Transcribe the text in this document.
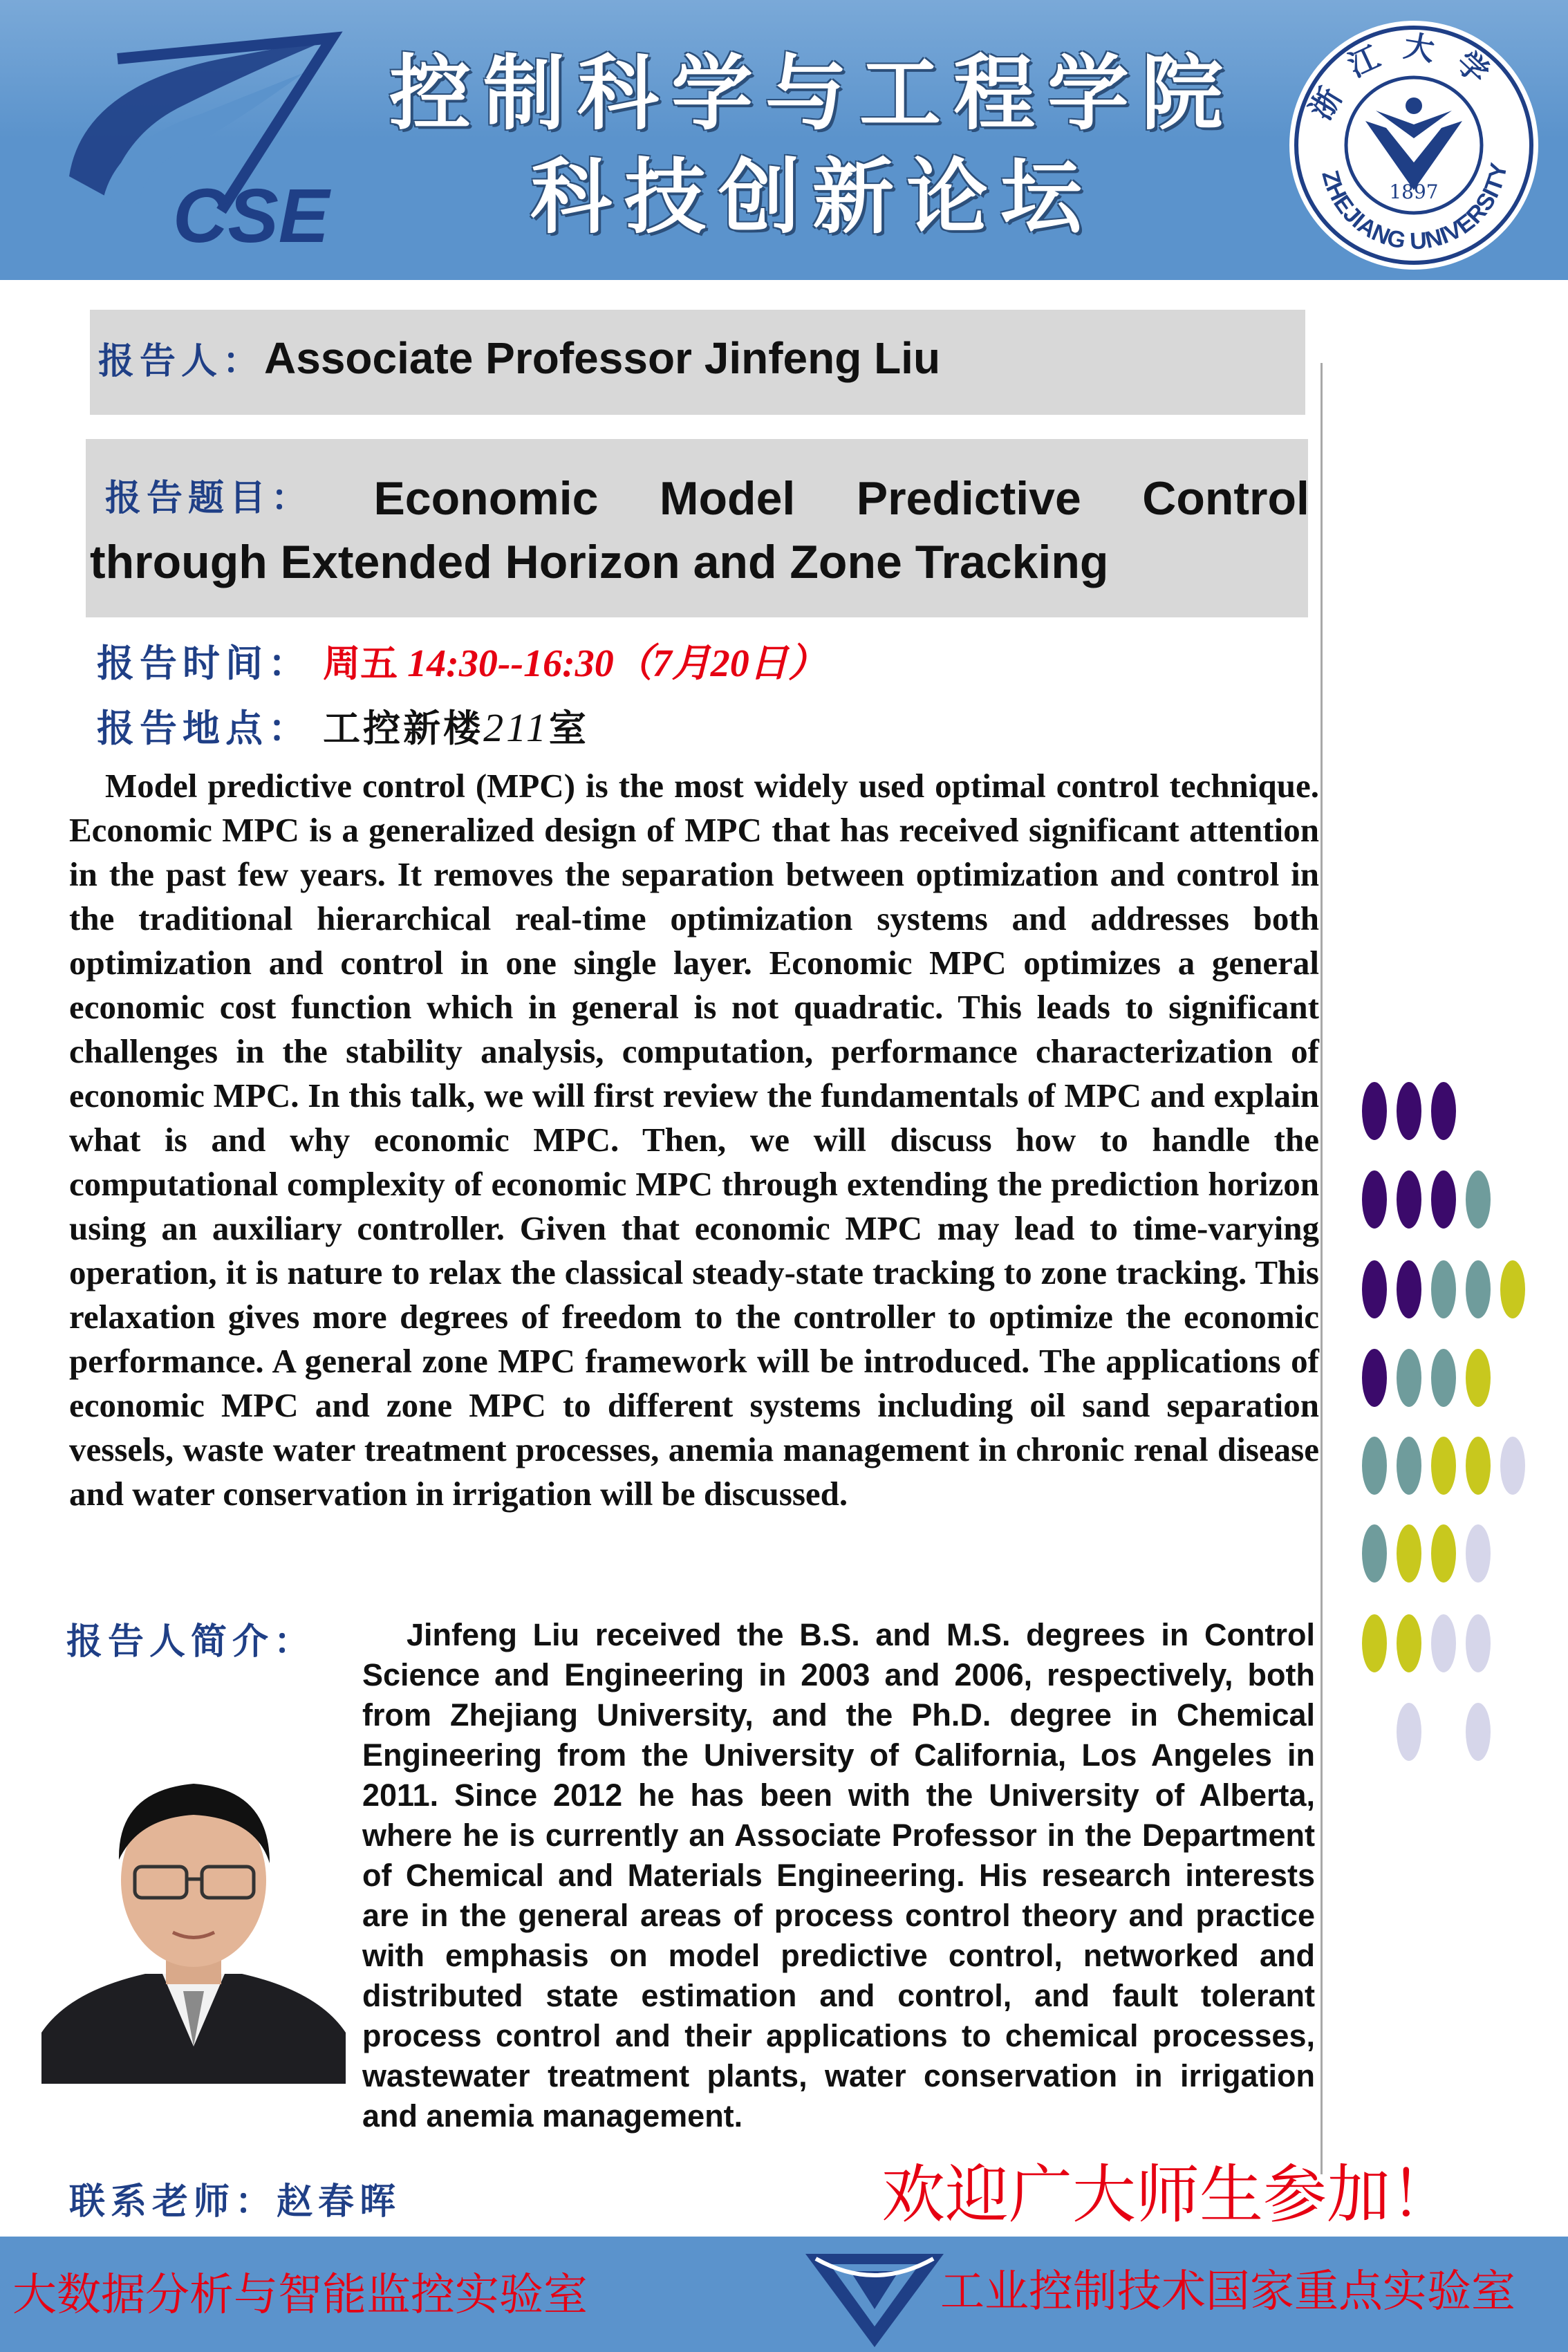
CSE
控制科学与工程学院
科技创新论坛
浙江大学
ZHEJIANG UNIVERSITY
1897
报告人：Associate Professor Jinfeng Liu
报告题目： Economic Model Predictive Control
through Extended Horizon and Zone Tracking
报告时间： 周五 14:30--16:30（7月20日）
报告地点： 工控新楼211室
Model predictive control (MPC) is the most widely used optimal control technique. Economic MPC is a generalized design of MPC that has received significant attention in the past few years. It removes the separation between optimization and control in the traditional hierarchical real-time optimization systems and addresses both optimization and control in one single layer. Economic MPC optimizes a general economic cost function which in general is not quadratic. This leads to significant challenges in the stability analysis, computation, performance characterization of economic MPC. In this talk, we will first review the fundamentals of MPC and explain what is and why economic MPC. Then, we will discuss how to handle the computational complexity of economic MPC through extending the prediction horizon using an auxiliary controller. Given that economic MPC may lead to time-varying operation, it is nature to relax the classical steady-state tracking to zone tracking. This relaxation gives more degrees of freedom to the controller to optimize the economic performance. A general zone MPC framework will be introduced. The applications of economic MPC and zone MPC to different systems including oil sand separation vessels, waste water treatment processes, anemia management in chronic renal disease and water conservation in irrigation will be discussed.
报告人简介：	Jinfeng Liu received the B.S. and M.S. degrees in Control Science and Engineering in 2003 and 2006, respectively, both from Zhejiang University, and the Ph.D. degree in Chemical Engineering from the University of California, Los Angeles in 2011. Since 2012 he has been with the University of Alberta, where he is currently an Associate Professor in the Department of Chemical and Materials Engineering. His research interests are in the general areas of process control theory and practice with emphasis on model predictive control, networked and distributed state estimation and control, and fault tolerant process control and their applications to chemical processes, wastewater treatment plants, water conservation in irrigation and anemia management.
联系老师：赵春晖	欢迎广大师生参加！
大数据分析与智能监控实验室	工业控制技术国家重点实验室
